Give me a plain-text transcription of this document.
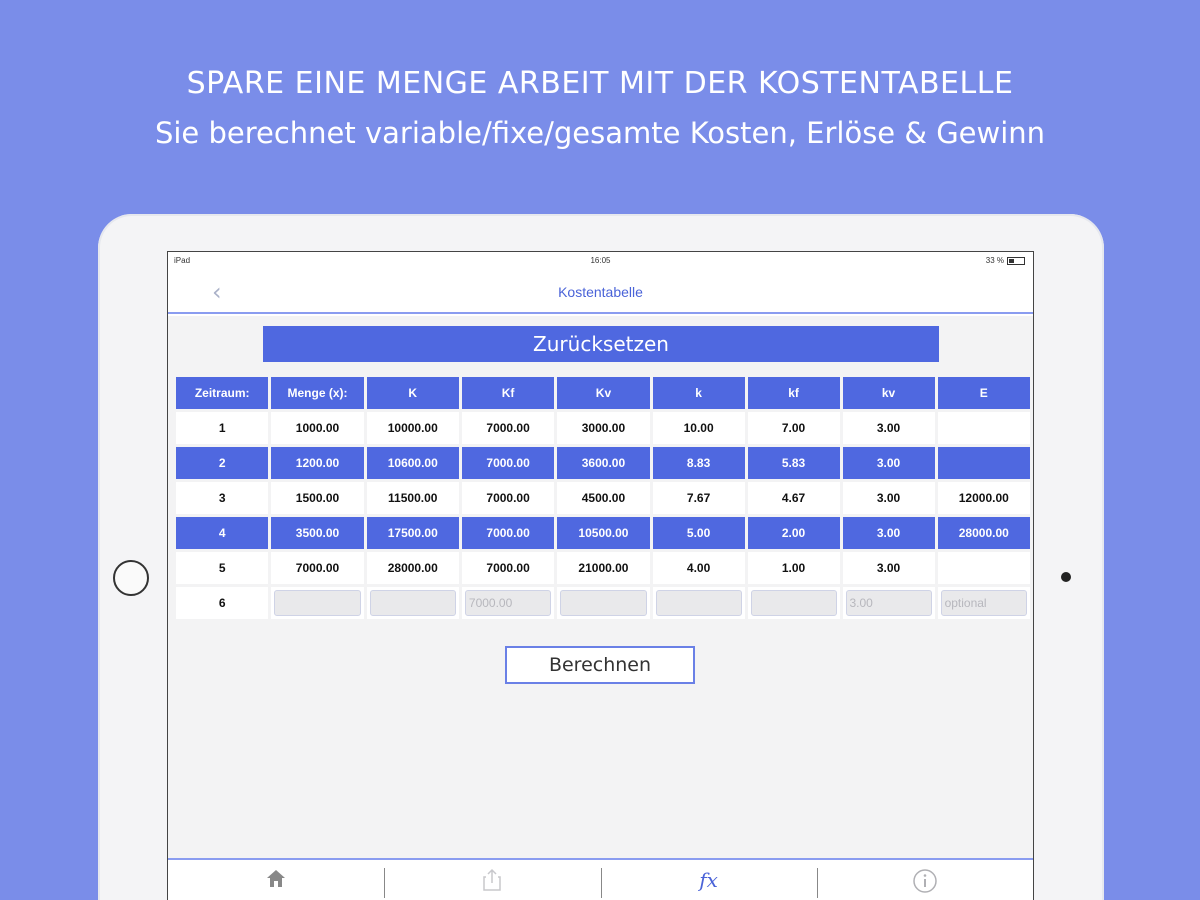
SPARE EINE MENGE ARBEIT MIT DER KOSTENTABELLE
Sie berechnet variable/fixe/gesamte Kosten, Erlöse & Gewinn
iPad	16:05	33 %
‹	Kostentabelle
Zurücksetzen
Zeitraum:	Menge (x):	K	Kf	Kv	k	kf	kv	E
1	1000.00	10000.00	7000.00	3000.00	10.00	7.00	3.00	
2	1200.00	10600.00	7000.00	3600.00	8.83	5.83	3.00	
3	1500.00	11500.00	7000.00	4500.00	7.67	4.67	3.00	12000.00
4	3500.00	17500.00	7000.00	10500.00	5.00	2.00	3.00	28000.00
5	7000.00	28000.00	7000.00	21000.00	4.00	1.00	3.00	
6			7000.00				3.00	optional
Berechnen
fx
